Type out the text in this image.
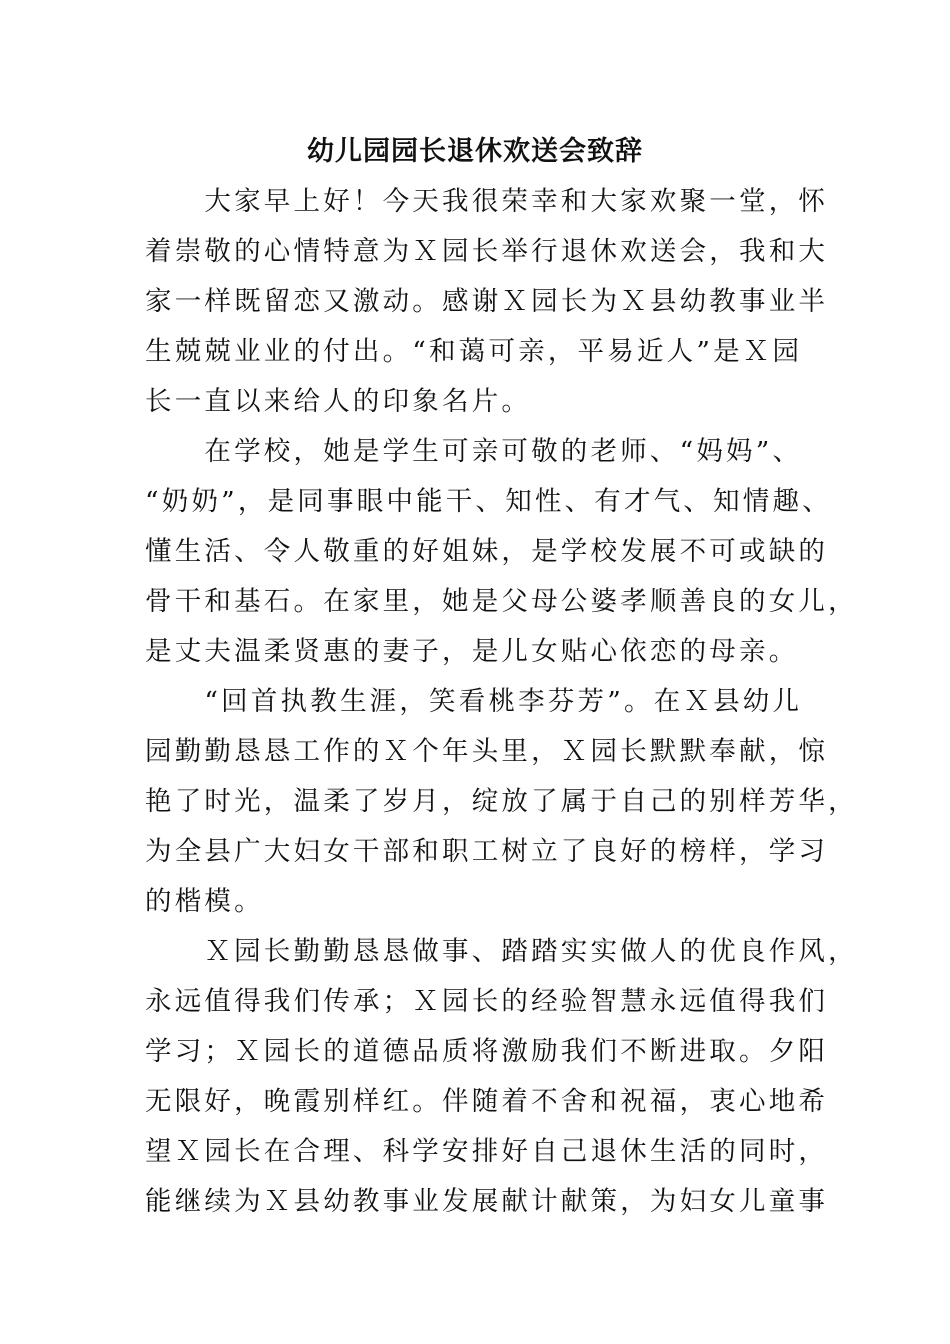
幼儿园园长退休欢送会致辞
　　大家早上好！今天我很荣幸和大家欢聚一堂，怀
着崇敬的心情特意为Ｘ园长举行退休欢送会，我和大
家一样既留恋又激动。感谢Ｘ园长为Ｘ县幼教事业半
生兢兢业业的付出。“和蔼可亲，平易近人”是Ｘ园
长一直以来给人的印象名片。
　　在学校，她是学生可亲可敬的老师、“妈妈”、
“奶奶”，是同事眼中能干、知性、有才气、知情趣、
懂生活、令人敬重的好姐妹，是学校发展不可或缺的
骨干和基石。在家里，她是父母公婆孝顺善良的女儿，
是丈夫温柔贤惠的妻子，是儿女贴心依恋的母亲。
　　“回首执教生涯，笑看桃李芬芳”。在Ｘ县幼儿
园勤勤恳恳工作的Ｘ个年头里，Ｘ园长默默奉献，惊
艳了时光，温柔了岁月，绽放了属于自己的别样芳华，
为全县广大妇女干部和职工树立了良好的榜样，学习
的楷模。
　　Ｘ园长勤勤恳恳做事、踏踏实实做人的优良作风，
永远值得我们传承；Ｘ园长的经验智慧永远值得我们
学习；Ｘ园长的道德品质将激励我们不断进取。夕阳
无限好，晚霞别样红。伴随着不舍和祝福，衷心地希
望Ｘ园长在合理、科学安排好自己退休生活的同时，
能继续为Ｘ县幼教事业发展献计献策，为妇女儿童事
